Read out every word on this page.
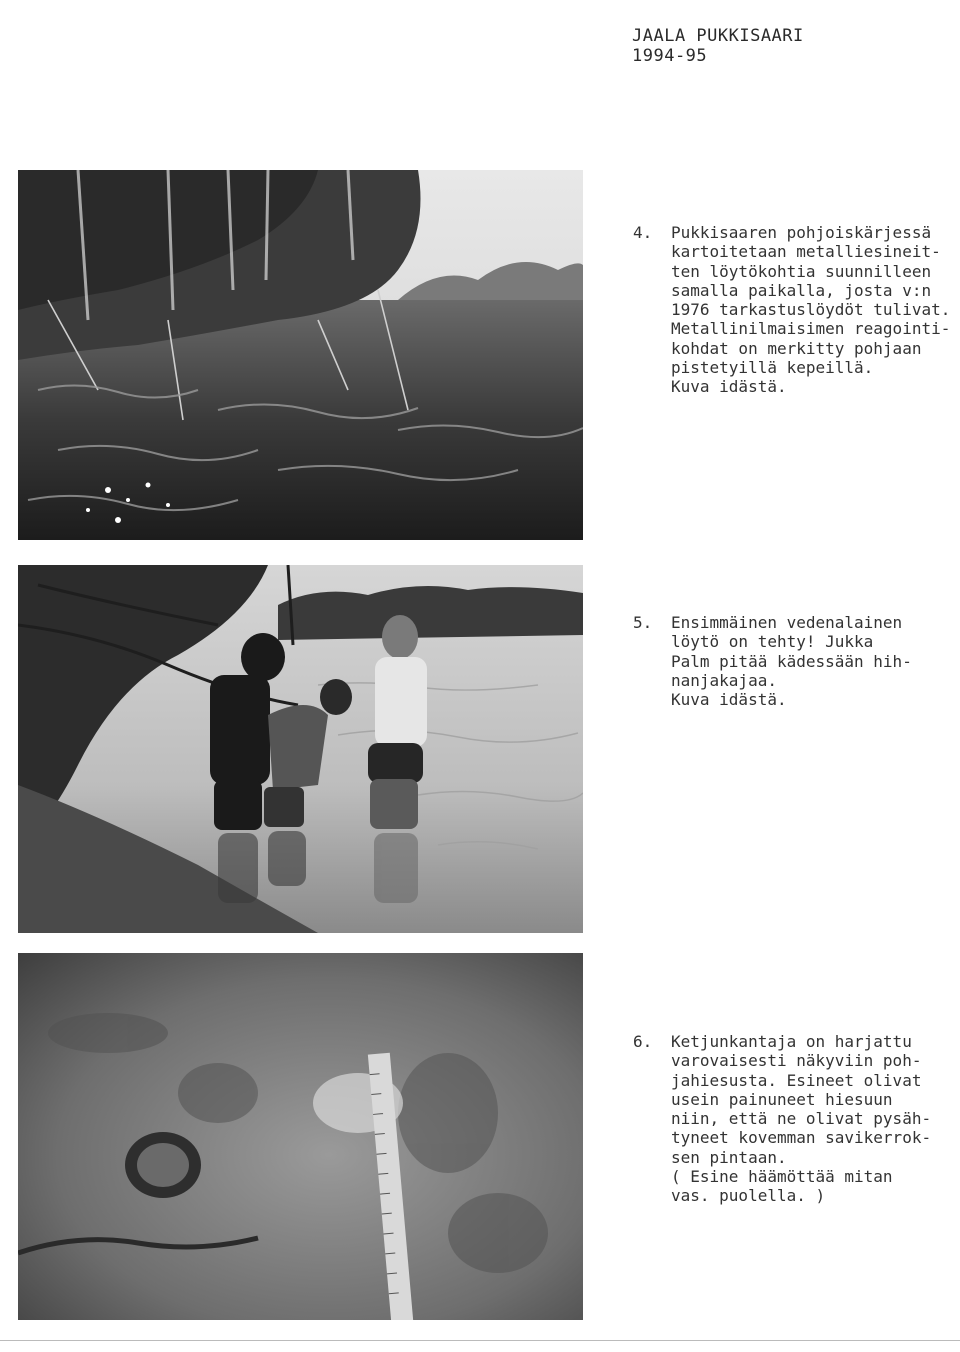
JAALA PUKKISAARI
1994-95
4.	Pukkisaaren pohjoiskärjessä
kartoitetaan metalliesineit-
ten löytökohtia suunnilleen
samalla paikalla, josta v:n
1976 tarkastuslöydöt tulivat.
Metallinilmaisimen reagointi-
kohdat on merkitty pohjaan
pistetyillä kepeillä.
Kuva idästä.
5.	Ensimmäinen vedenalainen
löytö on tehty! Jukka
Palm pitää kädessään hih-
nanjakajaa.
Kuva idästä.
6.	Ketjunkantaja on harjattu
varovaisesti näkyviin poh-
jahiesusta. Esineet olivat
usein painuneet hiesuun
niin, että ne olivat pysäh-
tyneet kovemman savikerrok-
sen pintaan.
( Esine häämöttää mitan
vas. puolella. )
